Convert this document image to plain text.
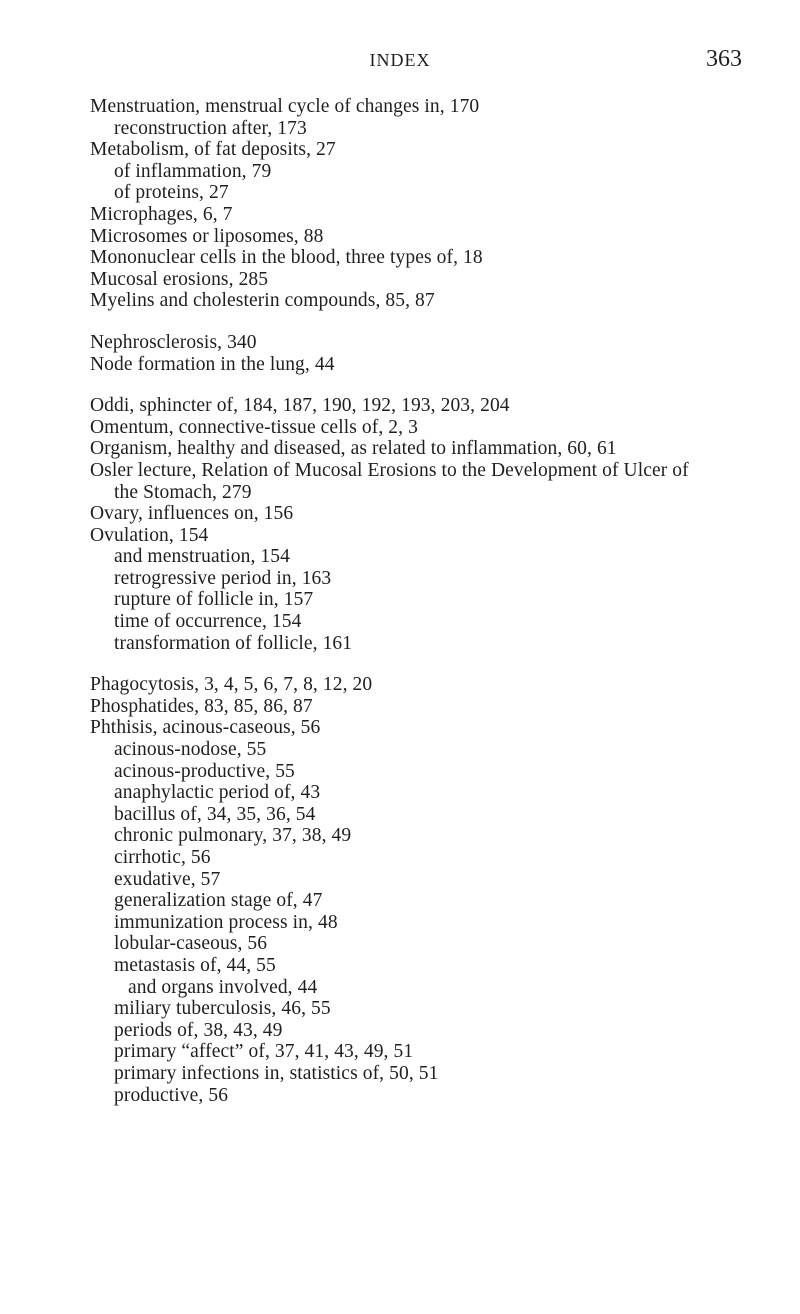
INDEX	363
Menstruation, menstrual cycle of changes in, 170
reconstruction after, 173
Metabolism, of fat deposits, 27
of inflammation, 79
of proteins, 27
Microphages, 6, 7
Microsomes or liposomes, 88
Mononuclear cells in the blood, three types of, 18
Mucosal erosions, 285
Myelins and cholesterin compounds, 85, 87
Nephrosclerosis, 340
Node formation in the lung, 44
Oddi, sphincter of, 184, 187, 190, 192, 193, 203, 204
Omentum, connective-tissue cells of, 2, 3
Organism, healthy and diseased, as related to inflammation, 60, 61
Osler lecture, Relation of Mucosal Erosions to the Development of Ulcer of
the Stomach, 279
Ovary, influences on, 156
Ovulation, 154
and menstruation, 154
retrogressive period in, 163
rupture of follicle in, 157
time of occurrence, 154
transformation of follicle, 161
Phagocytosis, 3, 4, 5, 6, 7, 8, 12, 20
Phosphatides, 83, 85, 86, 87
Phthisis, acinous-caseous, 56
acinous-nodose, 55
acinous-productive, 55
anaphylactic period of, 43
bacillus of, 34, 35, 36, 54
chronic pulmonary, 37, 38, 49
cirrhotic, 56
exudative, 57
generalization stage of, 47
immunization process in, 48
lobular-caseous, 56
metastasis of, 44, 55
and organs involved, 44
miliary tuberculosis, 46, 55
periods of, 38, 43, 49
primary “affect” of, 37, 41, 43, 49, 51
primary infections in, statistics of, 50, 51
productive, 56
